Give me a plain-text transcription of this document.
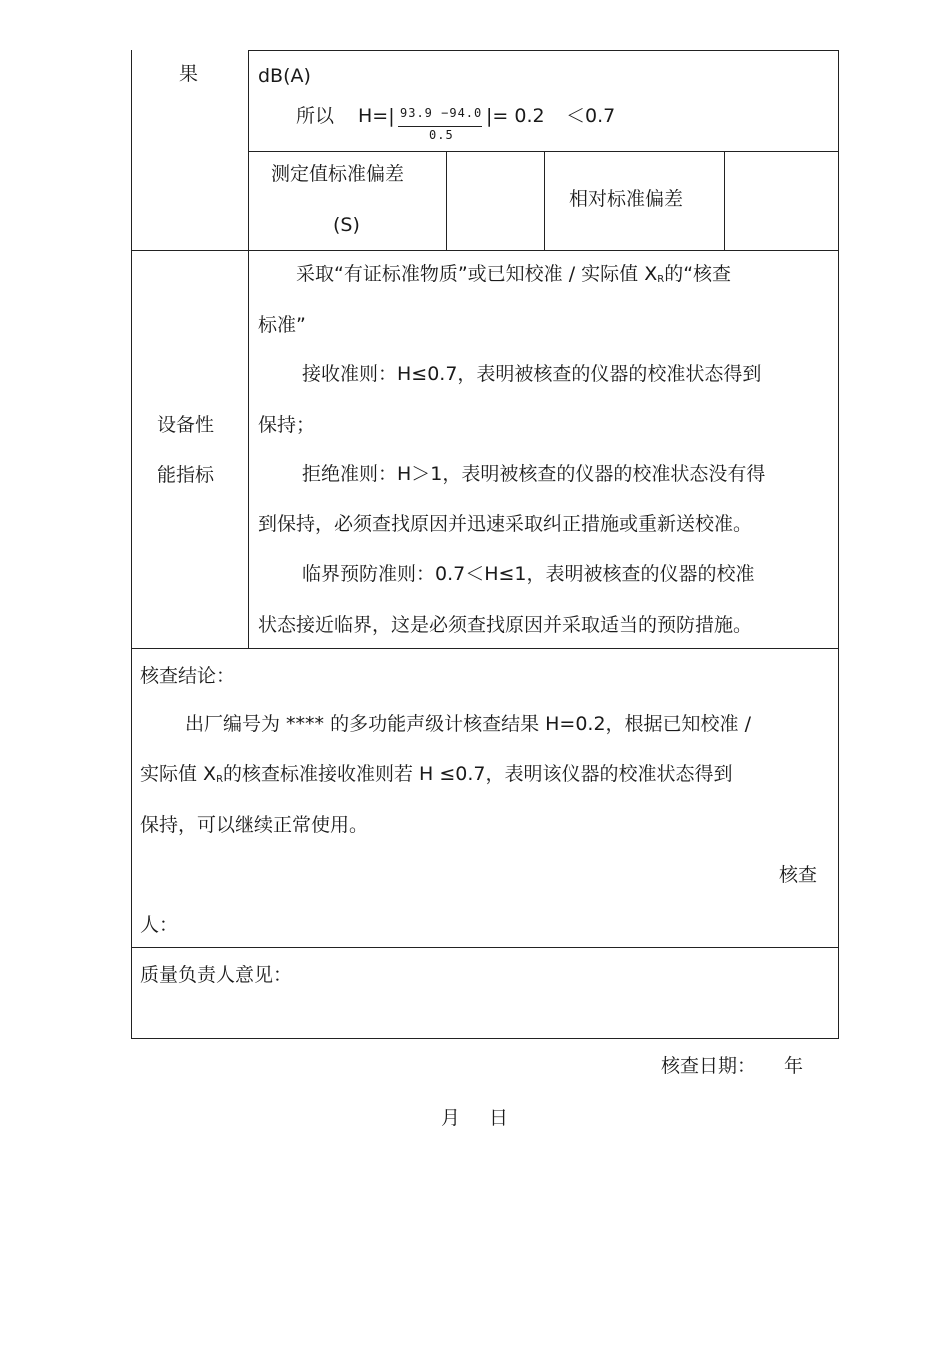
果	dB(A)
所以 H=| 93.9 −94.0
0.5
|= 0.2 ＜0.7
测定值标准偏差
(S)
相对标准偏差
设备性
能指标
采取“有证标准物质”或已知校准 / 实际值 $X_R$的“核查
标准”
接收准则：H≤0.7，表明被核查的仪器的校准状态得到
保持；
拒绝准则：H＞1，表明被核查的仪器的校准状态没有得
到保持，必须查找原因并迅速采取纠正措施或重新送校准。
临界预防准则：0.7＜H≤1，表明被核查的仪器的校准
状态接近临界，这是必须查找原因并采取适当的预防措施。
核查结论：
出厂编号为 **** 的多功能声级计核查结果 H=0.2，根据已知校准 /
实际值 $X_R$的核查标准接收准则若 H ≤0.7，表明该仪器的校准状态得到
保持，可以继续正常使用。
核查
人：
质量负责人意见：
核查日期： 年
月 日
